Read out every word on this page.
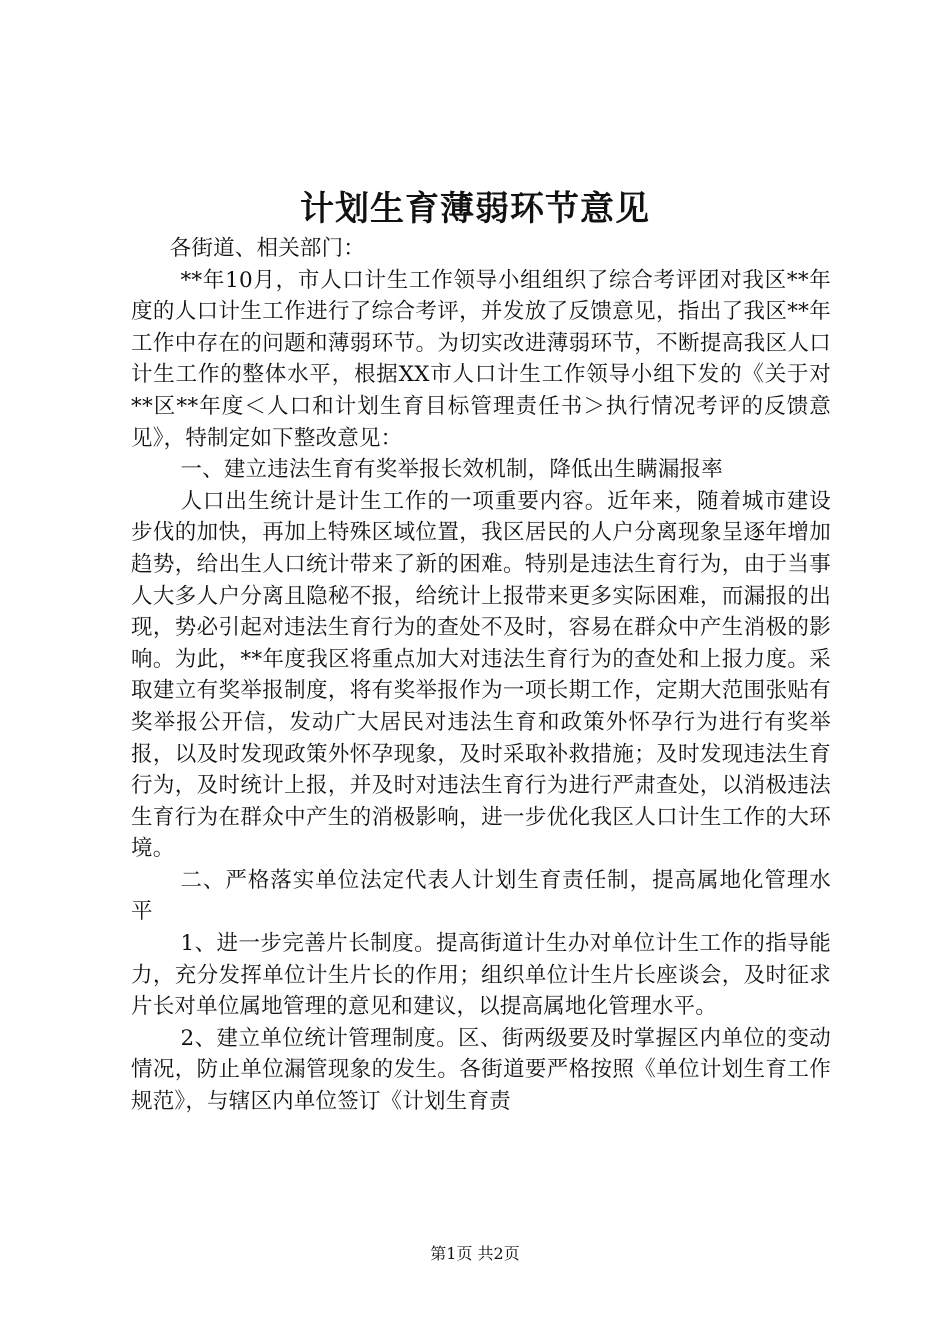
计划生育薄弱环节意见

各街道、相关部门：

**年10月，市人口计生工作领导小组组织了综合考评团对我区**年度的人口计生工作进行了综合考评，并发放了反馈意见，指出了我区**年工作中存在的问题和薄弱环节。为切实改进薄弱环节，不断提高我区人口计生工作的整体水平，根据XX市人口计生工作领导小组下发的《关于对**区**年度＜人口和计划生育目标管理责任书＞执行情况考评的反馈意见》，特制定如下整改意见：

一、建立违法生育有奖举报长效机制，降低出生瞒漏报率

人口出生统计是计生工作的一项重要内容。近年来，随着城市建设步伐的加快，再加上特殊区域位置，我区居民的人户分离现象呈逐年增加趋势，给出生人口统计带来了新的困难。特别是违法生育行为，由于当事人大多人户分离且隐秘不报，给统计上报带来更多实际困难，而漏报的出现，势必引起对违法生育行为的查处不及时，容易在群众中产生消极的影响。为此，**年度我区将重点加大对违法生育行为的查处和上报力度。采取建立有奖举报制度，将有奖举报作为一项长期工作，定期大范围张贴有奖举报公开信，发动广大居民对违法生育和政策外怀孕行为进行有奖举报，以及时发现政策外怀孕现象，及时采取补救措施；及时发现违法生育行为，及时统计上报，并及时对违法生育行为进行严肃查处，以消极违法生育行为在群众中产生的消极影响，进一步优化我区人口计生工作的大环境。

二、严格落实单位法定代表人计划生育责任制，提高属地化管理水平

1、进一步完善片长制度。提高街道计生办对单位计生工作的指导能力，充分发挥单位计生片长的作用；组织单位计生片长座谈会，及时征求片长对单位属地管理的意见和建议，以提高属地化管理水平。

2、建立单位统计管理制度。区、街两级要及时掌握区内单位的变动情况，防止单位漏管现象的发生。各街道要严格按照《单位计划生育工作规范》，与辖区内单位签订《计划生育责

第1页 共2页
